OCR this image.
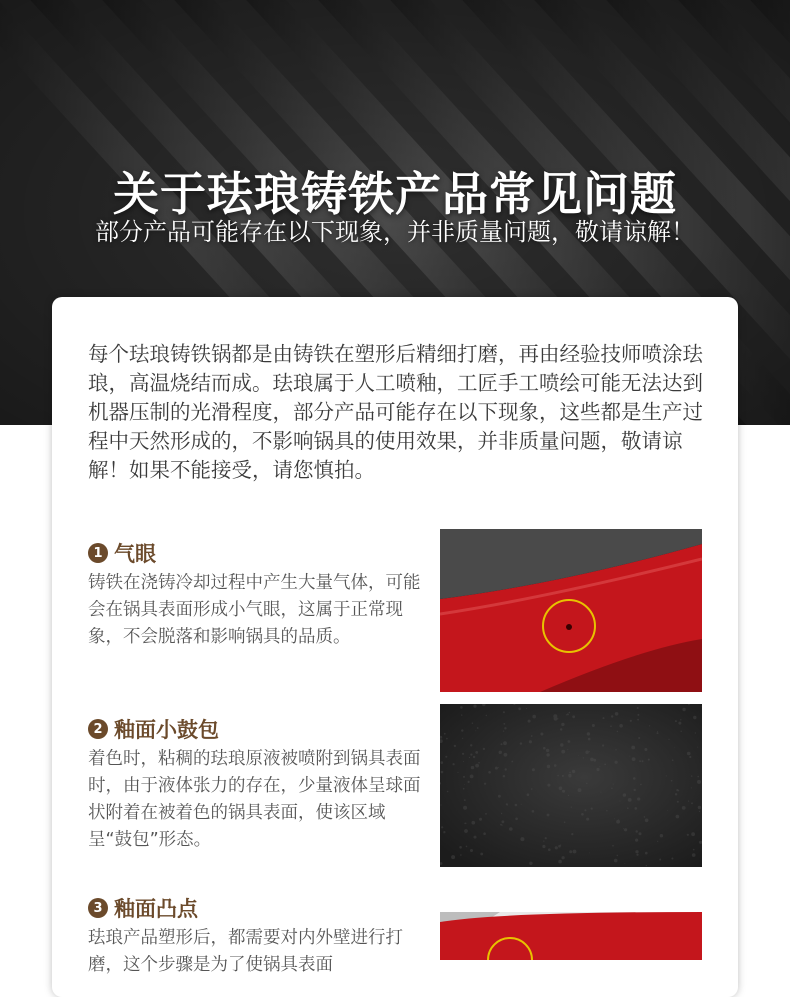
关于珐琅铸铁产品常见问题
部分产品可能存在以下现象，并非质量问题，敬请谅解！
每个珐琅铸铁锅都是由铸铁在塑形后精细打磨，再由经验技师喷涂珐琅，高温烧结而成。珐琅属于人工喷釉，工匠手工喷绘可能无法达到机器压制的光滑程度，部分产品可能存在以下现象，这些都是生产过程中天然形成的，不影响锅具的使用效果，并非质量问题，敬请谅解！如果不能接受，请您慎拍。
1 气眼
铸铁在浇铸冷却过程中产生大量气体，可能会在锅具表面形成小气眼，这属于正常现象，不会脱落和影响锅具的品质。
2 釉面小鼓包
着色时，粘稠的珐琅原液被喷附到锅具表面时，由于液体张力的存在，少量液体呈球面状附着在被着色的锅具表面，使该区域呈“鼓包”形态。
3 釉面凸点
珐琅产品塑形后，都需要对内外壁进行打磨，这个步骤是为了使锅具表面
